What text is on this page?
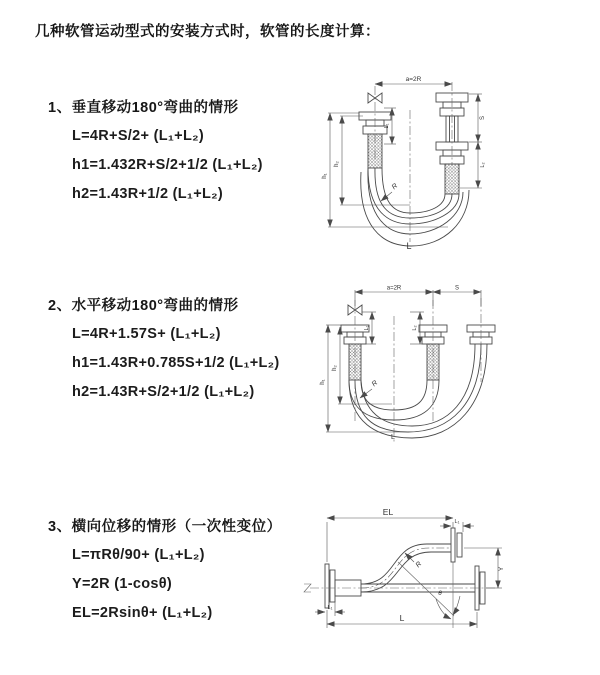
几种软管运动型式的安装方式时，软管的长度计算：
1、垂直移动180°弯曲的情形
L=4R+S/2+ (L₁+L₂)
h1=1.432R+S/2+1/2 (L₁+L₂)
h2=1.43R+1/2 (L₁+L₂)
2、水平移动180°弯曲的情形
L=4R+1.57S+ (L₁+L₂)
h1=1.43R+0.785S+1/2 (L₁+L₂)
h2=1.43R+S/2+1/2 (L₁+L₂)
3、横向位移的情形（一次性变位）
L=πRθ/90+ (L₁+L₂)
Y=2R (1-cosθ)
EL=2Rsinθ+ (L₁+L₂)
a=2R
h₁
h₂
L₁
S
L₂
R
L
a=2R	S
h₁
h₂
L₁	L₂
R
L
EL
L₁
Y
R
θ
L
L₁
